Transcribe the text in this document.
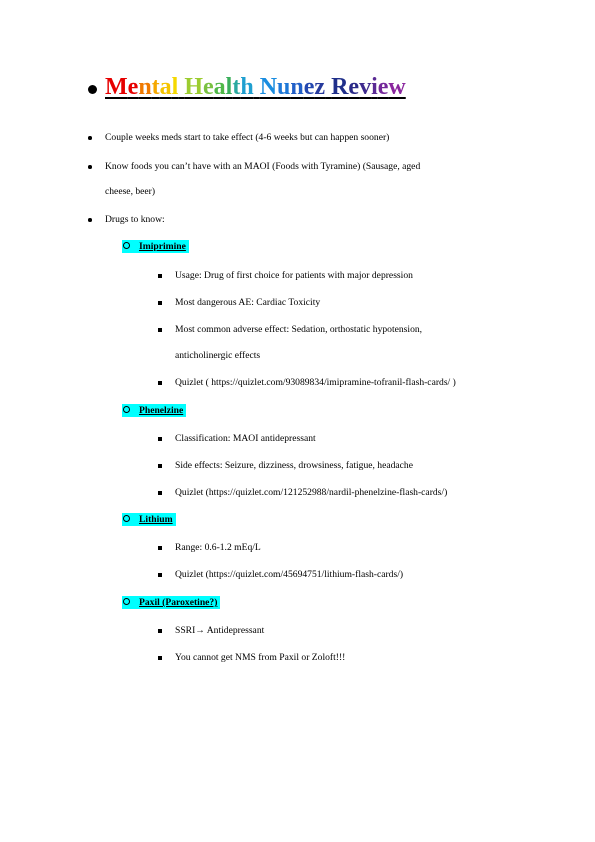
Mental Health Nunez Review
Couple weeks meds start to take effect (4-6 weeks but can happen sooner)
Know foods you can’t have with an MAOI (Foods with Tyramine) (Sausage, aged
cheese, beer)
Drugs to know:
Imiprimine
Usage: Drug of first choice for patients with major depression
Most dangerous AE: Cardiac Toxicity
Most common adverse effect: Sedation, orthostatic hypotension,
anticholinergic effects
Quizlet ( https://quizlet.com/93089834/imipramine-tofranil-flash-cards/ )
Phenelzine
Classification: MAOI antidepressant
Side effects: Seizure, dizziness, drowsiness, fatigue, headache
Quizlet (https://quizlet.com/121252988/nardil-phenelzine-flash-cards/)
Lithium
Range: 0.6-1.2 mEq/L
Quizlet (https://quizlet.com/45694751/lithium-flash-cards/)
Paxil (Paroxetine?)
SSRI→ Antidepressant
You cannot get NMS from Paxil or Zoloft!!!
